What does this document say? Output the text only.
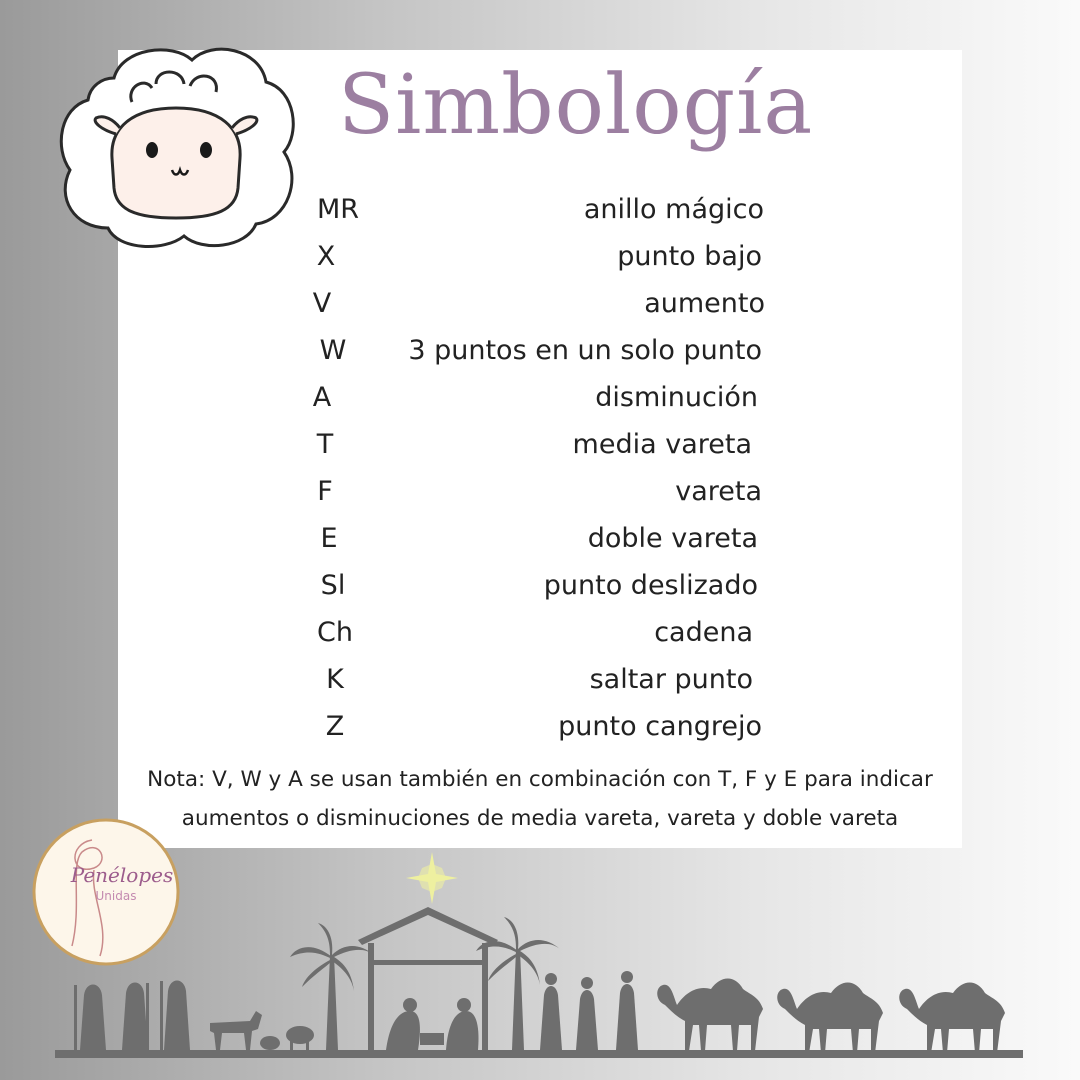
Simbología
MR	anillo mágico
X	punto bajo
V	aumento
W 3 puntos en un solo punto
A	disminución
T	media vareta
F	vareta
E	doble vareta
Sl	punto deslizado
Ch	cadena
K	saltar punto
Z	punto cangrejo
Nota: V, W y A se usan también en combinación con T, F y E para indicar
aumentos o disminuciones de media vareta, vareta y doble vareta
Penélopes
Unidas
